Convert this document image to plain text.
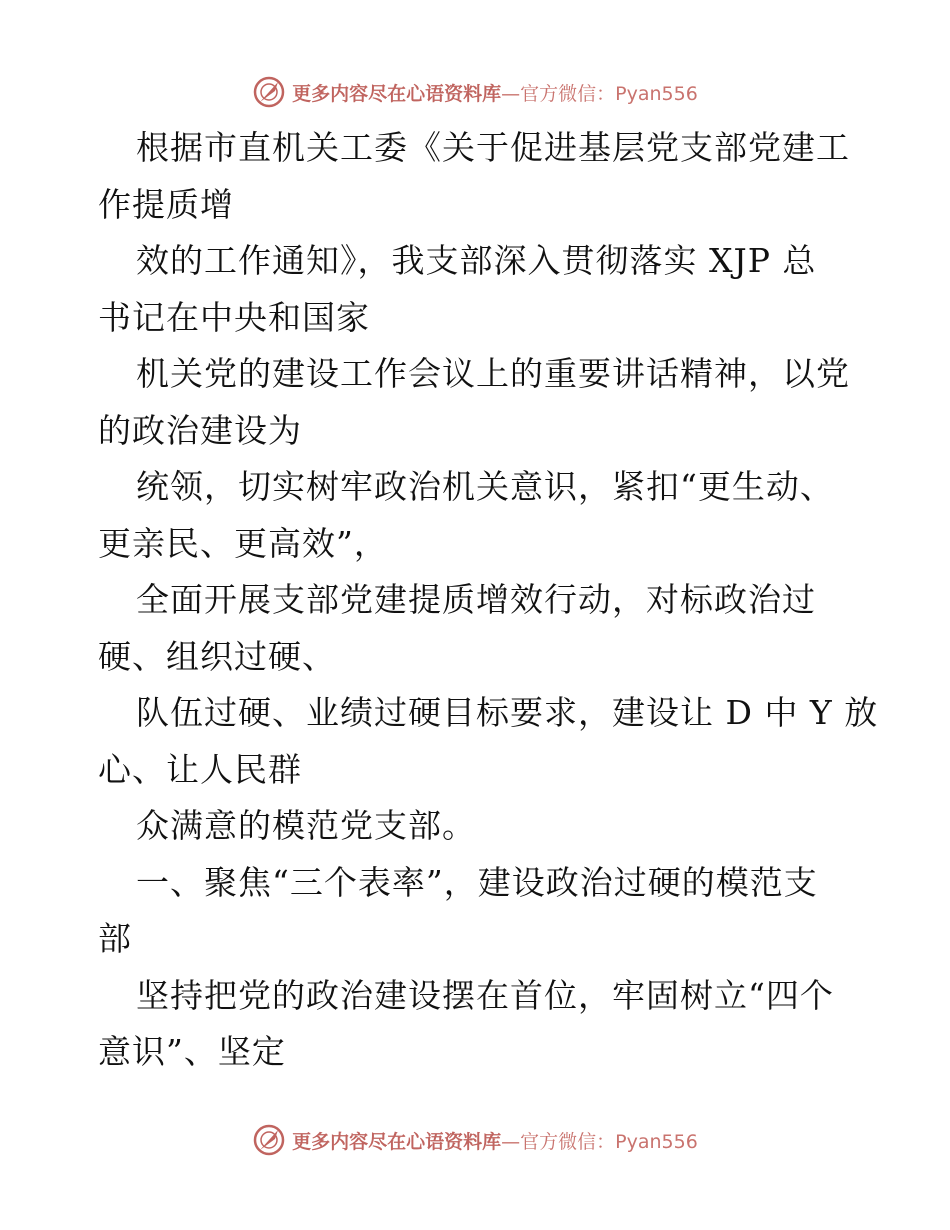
更多内容尽在心语资料库—官方微信：Pyan556
根据市直机关工委《关于促进基层党支部党建工
作提质增
效的工作通知》，我支部深入贯彻落实 XJP 总
书记在中央和国家
机关党的建设工作会议上的重要讲话精神，以党
的政治建设为
统领，切实树牢政治机关意识，紧扣“更生动、
更亲民、更高效”，
全面开展支部党建提质增效行动，对标政治过
硬、组织过硬、
队伍过硬、业绩过硬目标要求，建设让 D 中 Y 放
心、让人民群
众满意的模范党支部。
一、聚焦“三个表率”，建设政治过硬的模范支
部
坚持把党的政治建设摆在首位，牢固树立“四个
意识”、坚定
更多内容尽在心语资料库—官方微信：Pyan556
